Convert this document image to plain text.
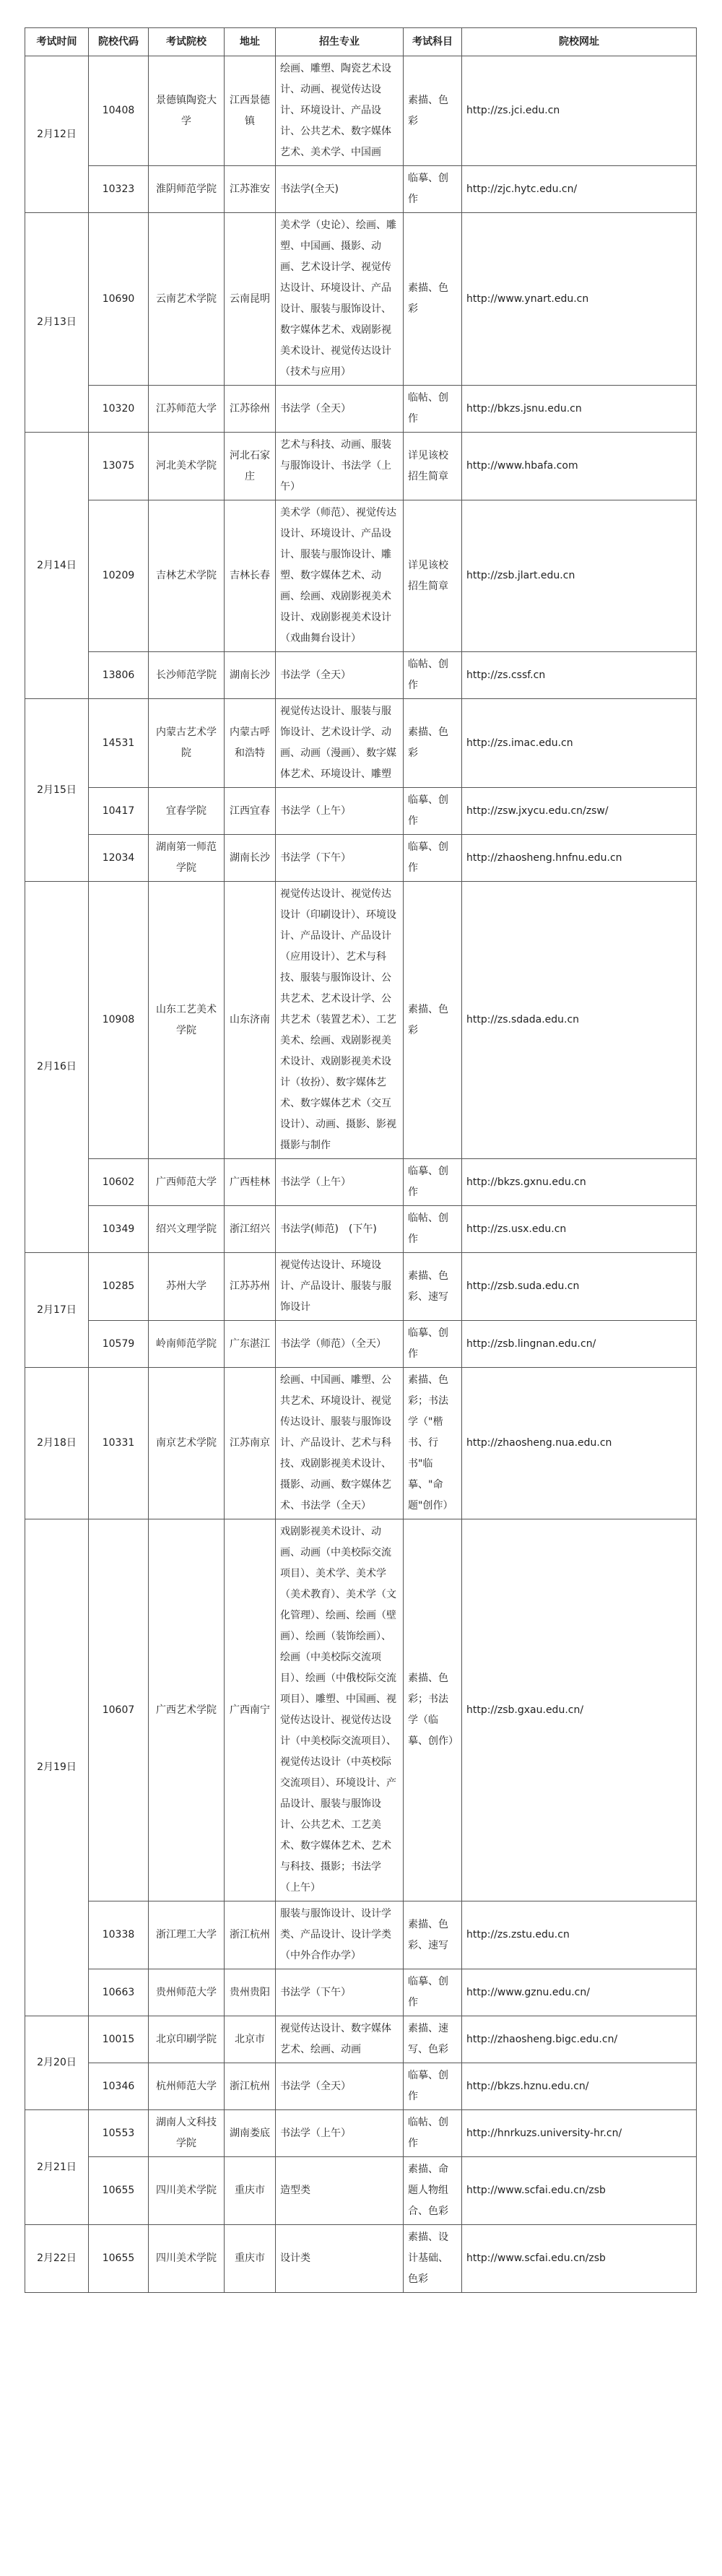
考试时间	院校代码	考试院校	地址	招生专业	考试科目	院校网址
2月12日	10408	景德镇陶瓷大学	江西景德镇	绘画、雕塑、陶瓷艺术设计、动画、视觉传达设计、环境设计、产品设计、公共艺术、数字媒体艺术、美术学、中国画	素描、色彩	http://zs.jci.edu.cn
	10323	淮阴师范学院	江苏淮安	书法学(全天)	临摹、创作	http://zjc.hytc.edu.cn/
2月13日	10690	云南艺术学院	云南昆明	美术学（史论）、绘画、雕塑、中国画、摄影、动画、艺术设计学、视觉传达设计、环境设计、产品设计、服装与服饰设计、数字媒体艺术、戏剧影视美术设计、视觉传达设计（技术与应用）	素描、色彩	http://www.ynart.edu.cn
	10320	江苏师范大学	江苏徐州	书法学（全天）	临帖、创作	http://bkzs.jsnu.edu.cn
2月14日	13075	河北美术学院	河北石家庄	艺术与科技、动画、服装与服饰设计、书法学（上午）	详见该校招生简章	http://www.hbafa.com
	10209	吉林艺术学院	吉林长春	美术学（师范）、视觉传达设计、环境设计、产品设计、服装与服饰设计、雕塑、数字媒体艺术、动画、绘画、戏剧影视美术设计、戏剧影视美术设计（戏曲舞台设计）	详见该校招生简章	http://zsb.jlart.edu.cn
	13806	长沙师范学院	湖南长沙	书法学（全天）	临帖、创作	http://zs.cssf.cn
2月15日	14531	内蒙古艺术学院	内蒙古呼和浩特	视觉传达设计、服装与服饰设计、艺术设计学、动画、动画（漫画）、数字媒体艺术、环境设计、雕塑	素描、色彩	http://zs.imac.edu.cn
	10417	宜春学院	江西宜春	书法学（上午）	临摹、创作	http://zsw.jxycu.edu.cn/zsw/
	12034	湖南第一师范学院	湖南长沙	书法学（下午）	临摹、创作	http://zhaosheng.hnfnu.edu.cn
2月16日	10908	山东工艺美术学院	山东济南	视觉传达设计、视觉传达设计（印刷设计）、环境设计、产品设计、产品设计（应用设计）、艺术与科技、服装与服饰设计、公共艺术、艺术设计学、公共艺术（装置艺术）、工艺美术、绘画、戏剧影视美术设计、戏剧影视美术设计（妆扮）、数字媒体艺术、数字媒体艺术（交互设计）、动画、摄影、影视摄影与制作	素描、色彩	http://zs.sdada.edu.cn
	10602	广西师范大学	广西桂林	书法学（上午）	临摹、创作	http://bkzs.gxnu.edu.cn
	10349	绍兴文理学院	浙江绍兴	书法学(师范)　(下午)	临帖、创作	http://zs.usx.edu.cn
2月17日	10285	苏州大学	江苏苏州	视觉传达设计、环境设计、产品设计、服装与服饰设计	素描、色彩、速写	http://zsb.suda.edu.cn
	10579	岭南师范学院	广东湛江	书法学（师范）（全天）	临摹、创作	http://zsb.lingnan.edu.cn/
2月18日	10331	南京艺术学院	江苏南京	绘画、中国画、雕塑、公共艺术、环境设计、视觉传达设计、服装与服饰设计、产品设计、艺术与科技、戏剧影视美术设计、摄影、动画、数字媒体艺术、书法学（全天）	素描、色彩；书法学（"楷书、行书"临摹、"命题"创作）	http://zhaosheng.nua.edu.cn
2月19日	10607	广西艺术学院	广西南宁	戏剧影视美术设计、动画、动画（中美校际交流项目）、美术学、美术学（美术教育）、美术学（文化管理）、绘画、绘画（壁画）、绘画（装饰绘画）、绘画（中美校际交流项目）、绘画（中俄校际交流项目）、雕塑、中国画、视觉传达设计、视觉传达设计（中美校际交流项目）、视觉传达设计（中英校际交流项目）、环境设计、产品设计、服装与服饰设计、公共艺术、工艺美术、数字媒体艺术、艺术与科技、摄影；书法学（上午）	素描、色彩；书法学（临摹、创作）	http://zsb.gxau.edu.cn/
	10338	浙江理工大学	浙江杭州	服装与服饰设计、设计学类、产品设计、设计学类（中外合作办学）	素描、色彩、速写	http://zs.zstu.edu.cn
	10663	贵州师范大学	贵州贵阳	书法学（下午）	临摹、创作	http://www.gznu.edu.cn/
2月20日	10015	北京印刷学院	北京市	视觉传达设计、数字媒体艺术、绘画、动画	素描、速写、色彩	http://zhaosheng.bigc.edu.cn/
	10346	杭州师范大学	浙江杭州	书法学（全天）	临摹、创作	http://bkzs.hznu.edu.cn/
2月21日	10553	湖南人文科技学院	湖南娄底	书法学（上午）	临帖、创作	http://hnrkuzs.university-hr.cn/
	10655	四川美术学院	重庆市	造型类	素描、命题人物组合、色彩	http://www.scfai.edu.cn/zsb
2月22日	10655	四川美术学院	重庆市	设计类	素描、设计基础、色彩	http://www.scfai.edu.cn/zsb
